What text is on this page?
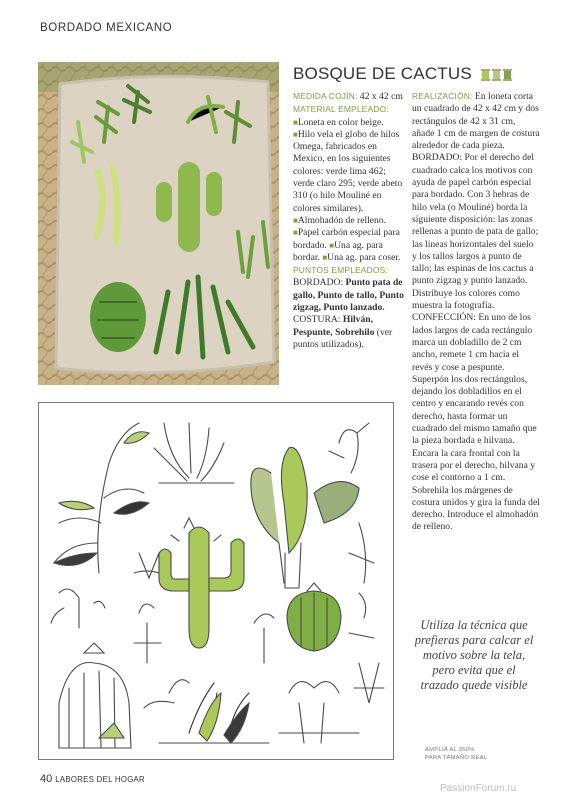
BORDADO MEXICANO
BOSQUE DE CACTUS
MEDIDA COJÍN: 42 x 42 cm
MATERIAL EMPLEADO: ■Loneta en color beige. ■Hilo vela el globo de hilos Omega, fabricados en Mexico, en los siguientes colores: verde lima 462; verde claro 295; verde abeto 310 (o hilo Mouliné en colores similares). ■Almohadón de relleno. ■Papel carbón especial para bordado. ■Una ag. para bordar. ■Una ag. para coser.
PUNTOS EMPLEADOS: BORDADO: Punto pata de gallo, Punto de tallo, Punto zigzag, Punto lanzado. COSTURA: Hilván, Pespunte, Sobrehilo (ver puntos utilizados).
REALIZACIÓN: En loneta corta un cuadrado de 42 x 42 cm y dos rectángulos de 42 x 31 cm, añade 1 cm de margen de costura alrededor de cada pieza. BORDADO: Por el derecho del cuadrado calca los motivos con ayuda de papel carbón especial para bordado. Con 3 hebras de hilo vela (o Mouliné) borda la siguiente disposición: las zonas rellenas a punto de pata de gallo; las líneas horizontales del suelo y los tallos largos a punto de tallo; las espinas de los cactus a punto zigzag y punto lanzado. Distribuye los colores como muestra la fotografía. CONFECCIÓN: En uno de los lados largos de cada rectángulo marca un dobladillo de 2 cm ancho, remete 1 cm hacia el revés y cose a pespunte. Superpón los dos rectángulos, dejando los dobladillos en el centro y encarando revés con derecho, hasta formar un cuadrado del mismo tamaño que la pieza bordada e hilvana. Encara la cara frontal con la trasera por el derecho, hilvana y cose el contorno a 1 cm. Sobrehila los márgenes de costura unidos y gira la funda del derecho. Introduce el almohadón de relleno.
Utiliza la técnica que prefieras para calcar el motivo sobre la tela, pero evita que el trazado quede visible
AMPLÍA AL 350%
PARA TAMAÑO REAL
40 LABORES DEL HOGAR
PassionForum.ru
